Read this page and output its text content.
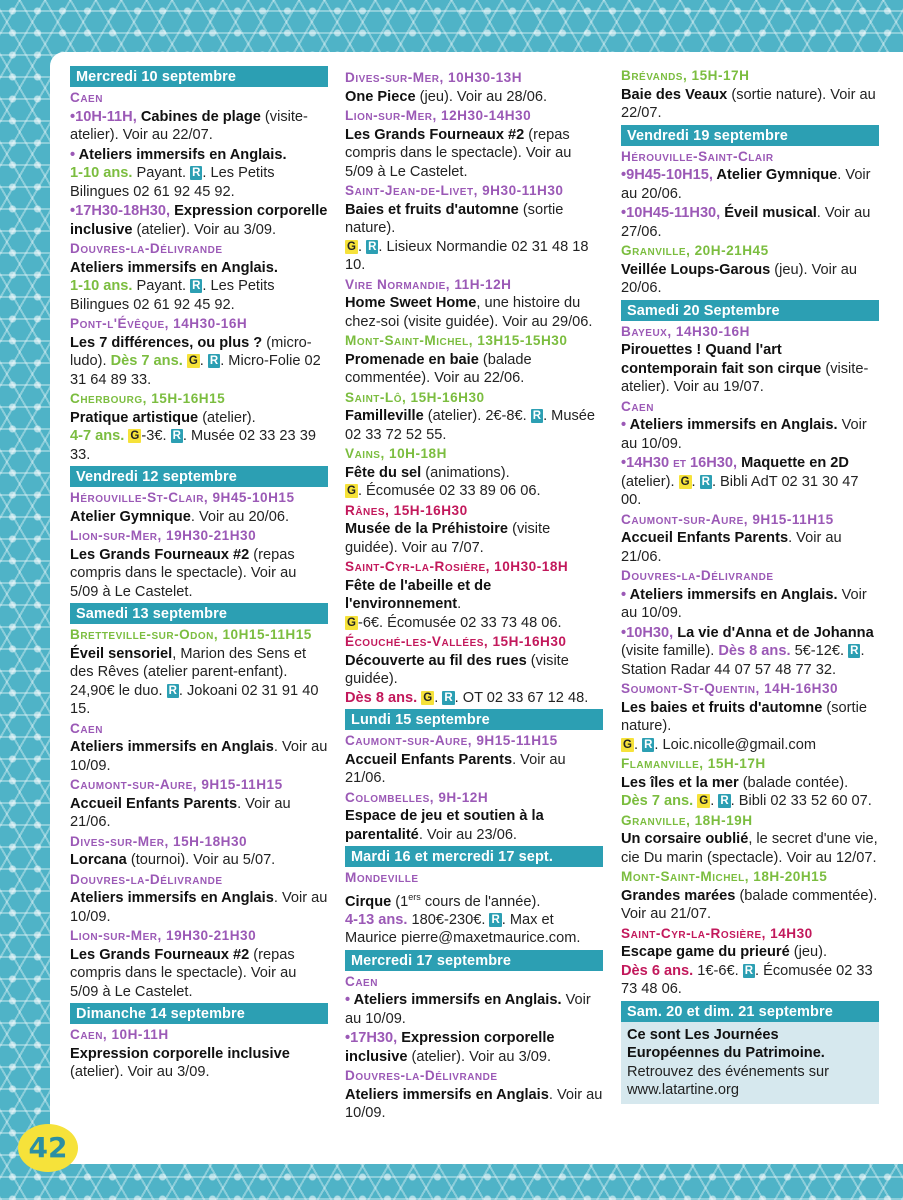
Mercredi 10 septembre
Caen
•10H-11H, Cabines de plage (visite-atelier). Voir au 22/07.
• Ateliers immersifs en Anglais.
1-10 ans. Payant. R . Les Petits Bilingues 02 61 92 45 92.
•17H30-18H30, Expression corporelle inclusive (atelier). Voir au 3/09.
Douvres-la-Délivrande
Ateliers immersifs en Anglais.
1-10 ans. Payant. R . Les Petits Bilingues 02 61 92 45 92.
Pont-l'Évêque, 14H30-16H
Les 7 différences, ou plus ? (micro-ludo). Dès 7 ans. G . R . Micro-Folie 02 31 64 89 33.
Cherbourg, 15H-16H15
Pratique artistique (atelier).
4-7 ans. G -3€. R . Musée 02 33 23 39 33.
Vendredi 12 septembre
Hérouville-St-Clair, 9H45-10H15
Atelier Gymnique. Voir au 20/06.
Lion-sur-Mer, 19H30-21H30
Les Grands Fourneaux #2 (repas compris dans le spectacle). Voir au 5/09 à Le Castelet.
Samedi 13 septembre
Bretteville-sur-Odon, 10H15-11H15
Éveil sensoriel, Marion des Sens et des Rêves (atelier parent-enfant). 24,90€ le duo. R . Jokoani 02 31 91 40 15.
Caen
Ateliers immersifs en Anglais. Voir au 10/09.
Caumont-sur-Aure, 9H15-11H15
Accueil Enfants Parents. Voir au 21/06.
Dives-sur-Mer, 15H-18H30
Lorcana (tournoi). Voir au 5/07.
Douvres-la-Délivrande
Ateliers immersifs en Anglais. Voir au 10/09.
Lion-sur-Mer, 19H30-21H30
Les Grands Fourneaux #2 (repas compris dans le spectacle). Voir au 5/09 à Le Castelet.
Dimanche 14 septembre
Caen, 10H-11H
Expression corporelle inclusive (atelier). Voir au 3/09.
Dives-sur-Mer, 10H30-13H
One Piece (jeu). Voir au 28/06.
Lion-sur-Mer, 12H30-14H30
Les Grands Fourneaux #2 (repas compris dans le spectacle). Voir au 5/09 à Le Castelet.
Saint-Jean-de-Livet, 9H30-11H30
Baies et fruits d'automne (sortie nature).
G . R . Lisieux Normandie 02 31 48 18 10.
Vire Normandie, 11H-12H
Home Sweet Home, une histoire du chez-soi (visite guidée). Voir au 29/06.
Mont-Saint-Michel, 13H15-15H30
Promenade en baie (balade commentée). Voir au 22/06.
Saint-Lô, 15H-16H30
Familleville (atelier). 2€-8€. R . Musée 02 33 72 52 55.
Vains, 10H-18H
Fête du sel (animations).
G . Écomusée 02 33 89 06 06.
Rânes, 15H-16H30
Musée de la Préhistoire (visite guidée). Voir au 7/07.
Saint-Cyr-la-Rosière, 10H30-18H
Fête de l'abeille et de l'environnement.
G -6€. Écomusée 02 33 73 48 06.
Écouché-les-Vallées, 15H-16H30
Découverte au fil des rues (visite guidée).
Dès 8 ans. G . R . OT 02 33 67 12 48.
Lundi 15 septembre
Caumont-sur-Aure, 9H15-11H15
Accueil Enfants Parents. Voir au 21/06.
Colombelles, 9H-12H
Espace de jeu et soutien à la parentalité. Voir au 23/06.
Mardi 16 et mercredi 17 sept.
Mondeville
Cirque (1ers cours de l'année).
4-13 ans. 180€-230€. R . Max et Maurice pierre@maxetmaurice.com.
Mercredi 17 septembre
Caen
• Ateliers immersifs en Anglais. Voir au 10/09.
•17H30, Expression corporelle inclusive (atelier). Voir au 3/09.
Douvres-la-Délivrande
Ateliers immersifs en Anglais. Voir au 10/09.
Brévands, 15H-17H
Baie des Veaux (sortie nature). Voir au 22/07.
Vendredi 19 septembre
Hérouville-Saint-Clair
•9H45-10H15, Atelier Gymnique. Voir au 20/06.
•10H45-11H30, Éveil musical. Voir au 27/06.
Granville, 20H-21H45
Veillée Loups-Garous (jeu). Voir au 20/06.
Samedi 20 Septembre
Bayeux, 14H30-16H
Pirouettes ! Quand l'art contemporain fait son cirque (visite-atelier). Voir au 19/07.
Caen
• Ateliers immersifs en Anglais. Voir au 10/09.
•14H30 et 16H30, Maquette en 2D (atelier). G . R . Bibli AdT 02 31 30 47 00.
Caumont-sur-Aure, 9H15-11H15
Accueil Enfants Parents. Voir au 21/06.
Douvres-la-Délivrande
• Ateliers immersifs en Anglais. Voir au 10/09.
•10H30, La vie d'Anna et de Johanna (visite famille). Dès 8 ans. 5€-12€. R . Station Radar 44 07 57 48 77 32.
Soumont-St-Quentin, 14H-16H30
Les baies et fruits d'automne (sortie nature).
G . R . Loic.nicolle@gmail.com
Flamanville, 15H-17H
Les îles et la mer (balade contée).
Dès 7 ans. G . R . Bibli 02 33 52 60 07.
Granville, 18H-19H
Un corsaire oublié, le secret d'une vie, cie Du marin (spectacle). Voir au 12/07.
Mont-Saint-Michel, 18H-20H15
Grandes marées (balade commentée). Voir au 21/07.
Saint-Cyr-la-Rosière, 14H30
Escape game du prieuré (jeu).
Dès 6 ans. 1€-6€. R . Écomusée 02 33 73 48 06.
Sam. 20 et dim. 21 septembre
Ce sont Les Journées Européennes du Patrimoine.
Retrouvez des événements sur www.latartine.org
42
